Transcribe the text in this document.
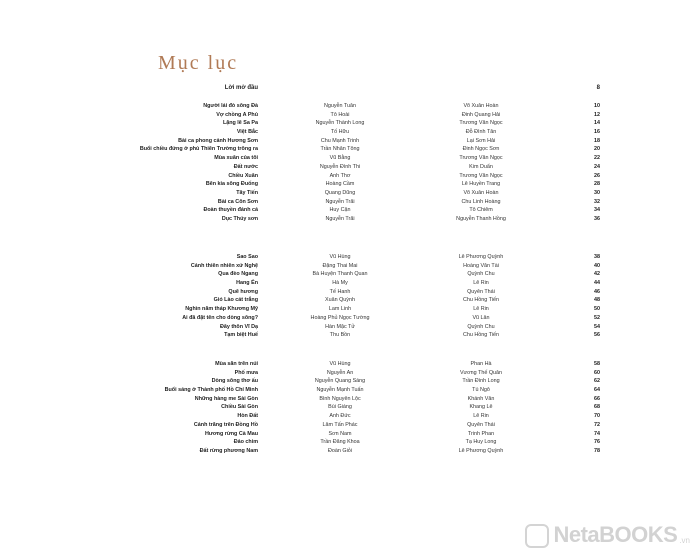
Mục lục
Lời mở đầu	8
Người lái đò sông Đà	Nguyễn Tuân	Võ Xuân Hoàn	10
Vợ chồng A Phủ	Tô Hoài	Đinh Quang Hải	12
Lặng lẽ Sa Pa	Nguyễn Thành Long	Trương Văn Ngọc	14
Việt Bắc	Tố Hữu	Đỗ Đình Tân	16
Bài ca phong cảnh Hương Sơn	Chu Mạnh Trinh	Lại Sơn Hải	18
Buổi chiều đứng ở phủ Thiên Trường trông ra	Trần Nhân Tông	Đinh Ngọc Sơn	20
Mùa xuân của tôi	Vũ Bằng	Trương Văn Ngọc	22
Đất nước	Nguyễn Đình Thi	Kim Duẩn	24
Chiều Xuân	Anh Thơ	Trương Văn Ngọc	26
Bên kia sông Đuống	Hoàng Cầm	Lê Huyền Trang	28
Tây Tiến	Quang Dũng	Võ Xuân Hoàn	30
Bài ca Côn Sơn	Nguyễn Trãi	Chu Linh Hoàng	32
Đoàn thuyền đánh cá	Huy Cận	Tô Chiêm	34
Dục Thúy sơn	Nguyễn Trãi	Nguyễn Thanh Hồng	36
Sao Sao	Vũ Hùng	Lê Phương Quỳnh	38
Cảnh thiên nhiên xứ Nghệ	Đặng Thai Mai	Hoàng Văn Tài	40
Qua đèo Ngang	Bà Huyện Thanh Quan	Quỳnh Chu	42
Hang Én	Hà My	Lê Rin	44
Quê hương	Tế Hanh	Quyên Thái	46
Gió Lào cát trắng	Xuân Quỳnh	Chu Hồng Tiến	48
Nghìn năm tháp Khương Mỹ	Lam Linh	Lê Rin	50
Ai đã đặt tên cho dòng sông?	Hoàng Phủ Ngọc Tường	Vũ Lân	52
Đây thôn Vĩ Dạ	Hàn Mặc Tử	Quỳnh Chu	54
Tạm biệt Huế	Thu Bồn	Chu Hồng Tiến	56
Mùa săn trên núi	Vũ Hùng	Phan Hà	58
Phố mưa	Nguyễn An	Vương Thế Quân	60
Dòng sông thơ ấu	Nguyễn Quang Sáng	Trần Đình Long	62
Buổi sáng ở Thành phố Hồ Chí Minh	Nguyễn Mạnh Tuấn	Tú Ngô	64
Những hàng me Sài Gòn	Bình Nguyên Lộc	Khánh Vân	66
Chiều Sài Gòn	Bùi Giáng	Khang Lê	68
Hòn Đất	Anh Đức	Lê Rin	70
Cảnh trăng trên Đồng Hồ	Lâm Tấn Phác	Quyên Thái	72
Hương rừng Cà Mau	Sơn Nam	Trinh Phan	74
Đảo chim	Trần Đăng Khoa	Tạ Huy Long	76
Đất rừng phương Nam	Đoàn Giỏi	Lê Phương Quỳnh	78
NetaBOOKS .vn
